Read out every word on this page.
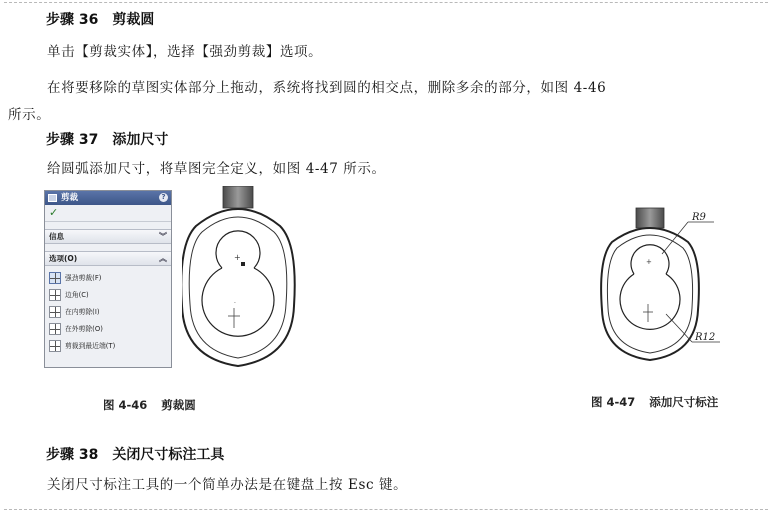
步骤 36 剪裁圆
单击【剪裁实体】，选择【强劲剪裁】选项。
在将要移除的草图实体部分上拖动，系统将找到圆的相交点，删除多余的部分，如图 4-46
所示。
步骤 37 添加尺寸
给圆弧添加尺寸，将草图完全定义，如图 4-47 所示。
剪裁	?
✓
信息	︾
选项(O)	︽
强劲剪裁(F)
边角(C)
在内剪除(I)
在外剪除(O)
剪裁到最近端(T)
+
·
+
R9
R12
图 4-46 剪裁圆	图 4-47 添加尺寸标注
步骤 38 关闭尺寸标注工具
关闭尺寸标注工具的一个简单办法是在键盘上按 Esc 键。
